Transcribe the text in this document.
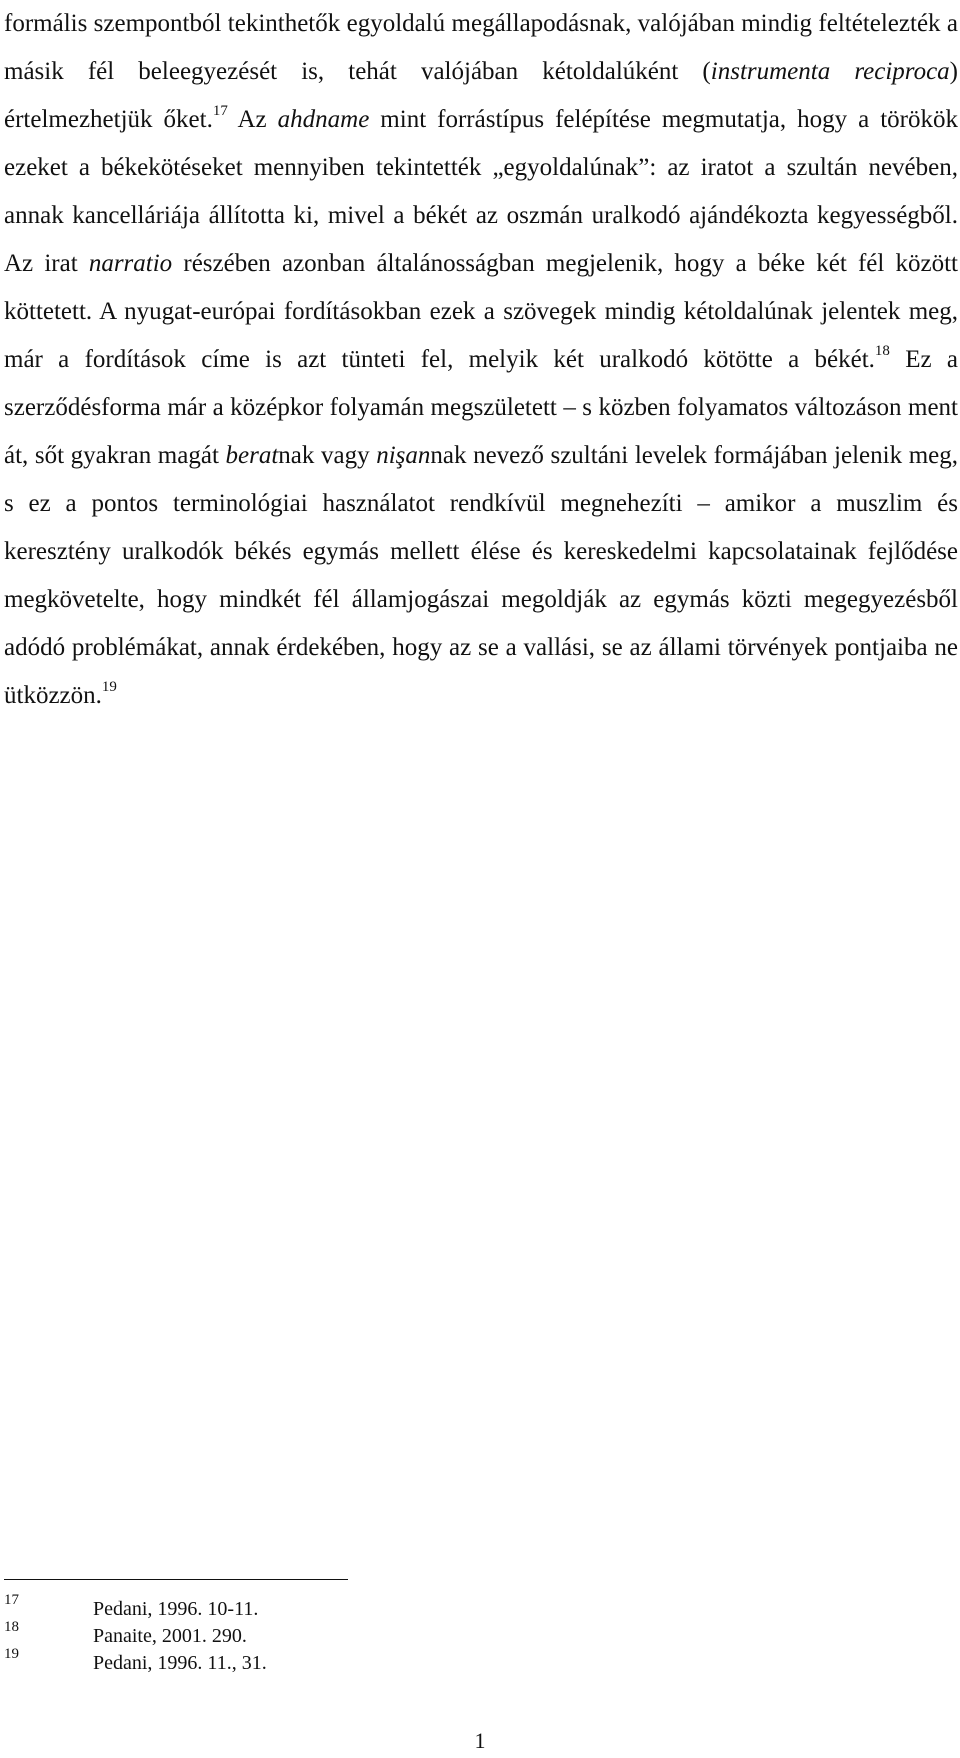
formális szempontból tekinthetők egyoldalú megállapodásnak, valójában mindig feltételezték a másik fél beleegyezését is, tehát valójában kétoldalúként (instrumenta reciproca) értelmezhetjük őket.$^{17}$ Az ahdname mint forrástípus felépítése megmutatja, hogy a törökök ezeket a békekötéseket mennyiben tekintették „egyoldalúnak”: az iratot a szultán nevében, annak kancelláriája állította ki, mivel a békét az oszmán uralkodó ajándékozta kegyességből. Az irat narratio részében azonban általánosságban megjelenik, hogy a béke két fél között köttetett. A nyugat-európai fordításokban ezek a szövegek mindig kétoldalúnak jelentek meg, már a fordítások címe is azt tünteti fel, melyik két uralkodó kötötte a békét.$^{18}$ Ez a szerződésforma már a középkor folyamán megszületett – s közben folyamatos változáson ment át, sőt gyakran magát beratnak vagy nişannak nevező szultáni levelek formájában jelenik meg, s ez a pontos terminológiai használatot rendkívül megnehezíti – amikor a muszlim és keresztény uralkodók békés egymás mellett élése és kereskedelmi kapcsolatainak fejlődése megkövetelte, hogy mindkét fél államjogászai megoldják az egymás közti megegyezésből adódó problémákat, annak érdekében, hogy az se a vallási, se az állami törvények pontjaiba ne ütközzön.$^{19}$

17	Pedani, 1996. 10-11.
18	Panaite, 2001. 290.
19	Pedani, 1996. 11., 31.
1
